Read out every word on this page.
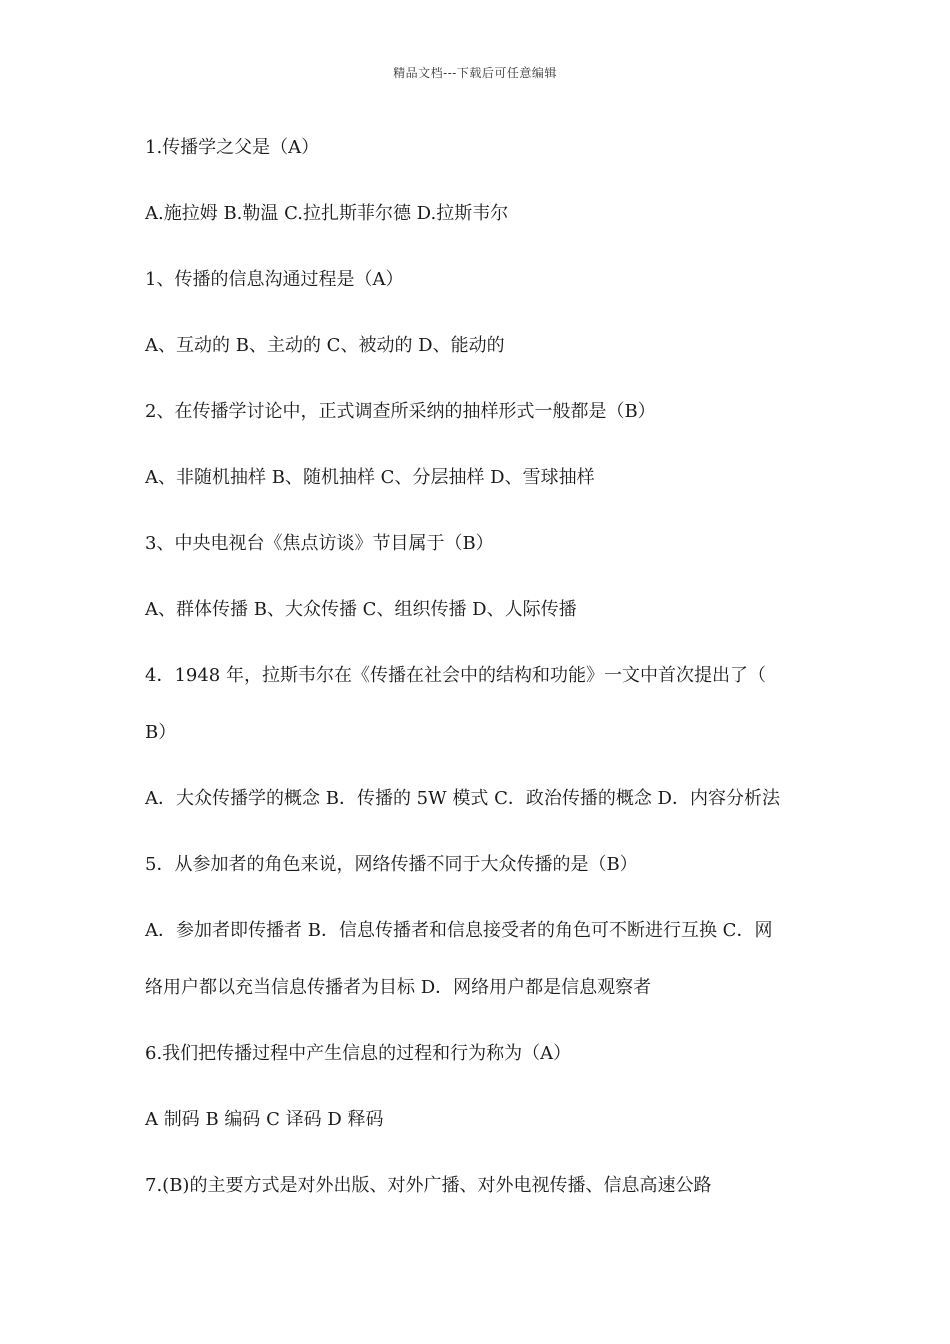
精品文档---下载后可任意编辑
1.传播学之父是（A）
A.施拉姆 B.勒温 C.拉扎斯菲尔德 D.拉斯韦尔
1、传播的信息沟通过程是（A）
A、互动的 B、主动的 C、被动的 D、能动的
2、在传播学讨论中，正式调查所采纳的抽样形式一般都是（B）
A、非随机抽样 B、随机抽样 C、分层抽样 D、雪球抽样
3、中央电视台《焦点访谈》节目属于（B）
A、群体传播 B、大众传播 C、组织传播 D、人际传播
4．1948 年，拉斯韦尔在《传播在社会中的结构和功能》一文中首次提出了（
B）
A．大众传播学的概念 B．传播的 5W 模式 C．政治传播的概念 D．内容分析法
5．从参加者的角色来说，网络传播不同于大众传播的是（B）
A．参加者即传播者 B．信息传播者和信息接受者的角色可不断进行互换 C．网
络用户都以充当信息传播者为目标 D．网络用户都是信息观察者
6.我们把传播过程中产生信息的过程和行为称为（A）
A 制码 B 编码 C 译码 D 释码
7.(B)的主要方式是对外出版、对外广播、对外电视传播、信息高速公路
